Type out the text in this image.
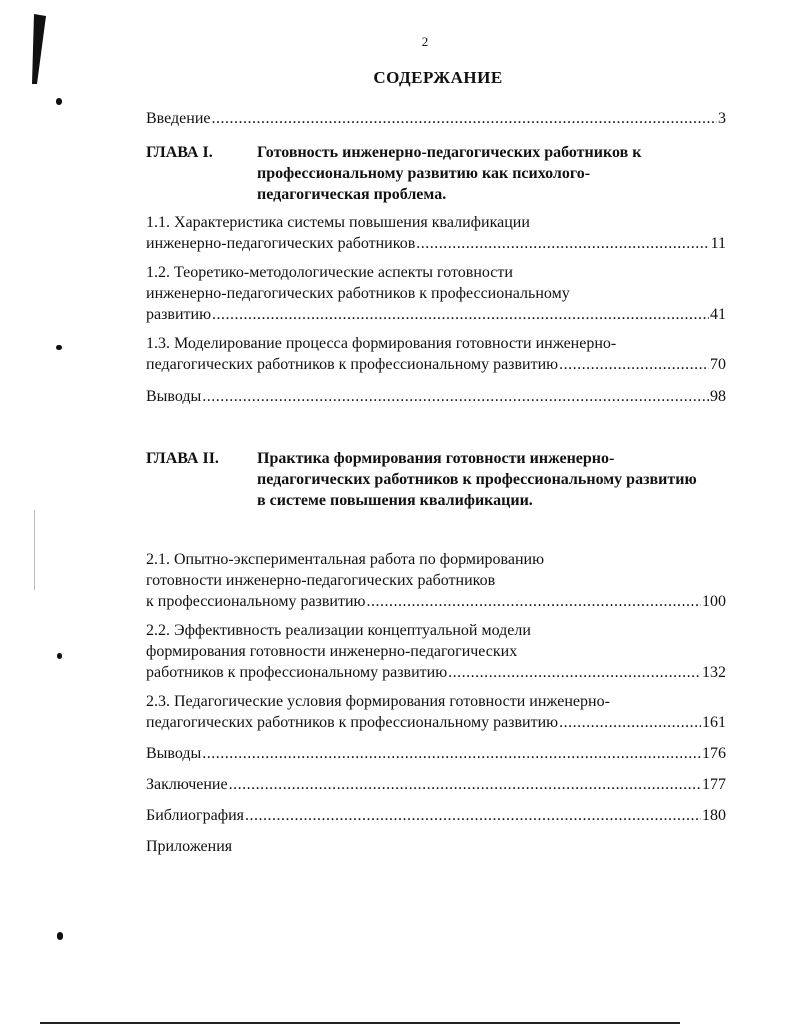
2
СОДЕРЖАНИЕ
Введение .....	3
ГЛАВА I.	Готовность инженерно-педагогических работников к профессиональному развитию как психолого-педагогическая проблема.
1.1. Характеристика системы повышения квалификации
инженерно-педагогических работников .....	11
1.2. Теоретико-методологические аспекты готовности
инженерно-педагогических работников к профессиональному
развитию .....	41
1.3. Моделирование процесса формирования готовности инженерно-
педагогических работников к профессиональному развитию .....	70
Выводы .....	98
ГЛАВА II. Практика формирования готовности инженерно-педагогических работников к профессиональному развитию в системе повышения квалификации.
2.1. Опытно-экспериментальная работа по формированию
готовности инженерно-педагогических работников
к профессиональному развитию .....	100
2.2. Эффективность реализации концептуальной модели
формирования готовности инженерно-педагогических
работников к профессиональному развитию .....	132
2.3. Педагогические условия формирования готовности инженерно-
педагогических работников к профессиональному развитию .....	161
Выводы .....	176
Заключение .....	177
Библиография .....	180
Приложения
